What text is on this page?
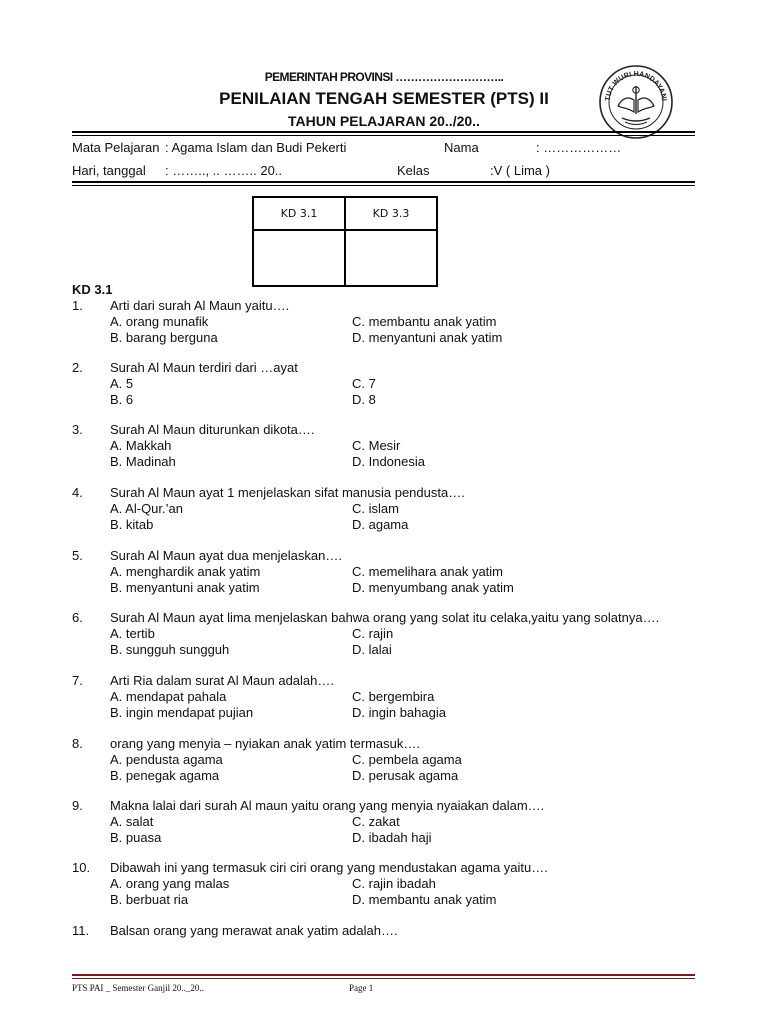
PEMERINTAH PROVINSI ………………………..
PENILAIAN TENGAH SEMESTER (PTS) II
TAHUN PELAJARAN 20../20..
TUT WURI HANDAYANI
Mata Pelajaran : Agama Islam dan Budi Pekerti	Nama	: ………………
Hari, tanggal : …….., .. …….. 20..	Kelas	:V ( Lima )
KD 3.1	KD 3.3

KD 3.1
1. Arti dari surah Al Maun yaitu….
A. orang munafik	C. membantu anak yatim
B. barang berguna	D. menyantuni anak yatim
2. Surah Al Maun terdiri dari …ayat
A. 5	C. 7
B. 6	D. 8
3. Surah Al Maun diturunkan dikota….
A. Makkah	C. Mesir
B. Madinah	D. Indonesia
4. Surah Al Maun ayat 1 menjelaskan sifat manusia pendusta….
A. Al-Qur.’an	C. islam
B. kitab	D. agama
5. Surah Al Maun ayat dua menjelaskan….
A. menghardik anak yatim	C. memelihara anak yatim
B. menyantuni anak yatim	D. menyumbang anak yatim
6. Surah Al Maun ayat lima menjelaskan bahwa orang yang solat itu celaka,yaitu yang solatnya….
A. tertib	C. rajin
B. sungguh sungguh	D. lalai
7. Arti Ria dalam surat Al Maun adalah….
A. mendapat pahala	C. bergembira
B. ingin mendapat pujian	D. ingin bahagia
8. orang yang menyia – nyiakan anak yatim termasuk….
A. pendusta agama	C. pembela agama
B. penegak agama	D. perusak agama
9. Makna lalai dari surah Al maun yaitu orang yang menyia nyaiakan dalam….
A. salat	C. zakat
B. puasa	D. ibadah haji
10. Dibawah ini yang termasuk ciri ciri orang yang mendustakan agama yaitu….
A. orang yang malas	C. rajin ibadah
B. berbuat ria	D. membantu anak yatim
11. Balsan orang yang merawat anak yatim adalah….
PTS PAI _ Semester Ganjil 20.._20..	Page 1
